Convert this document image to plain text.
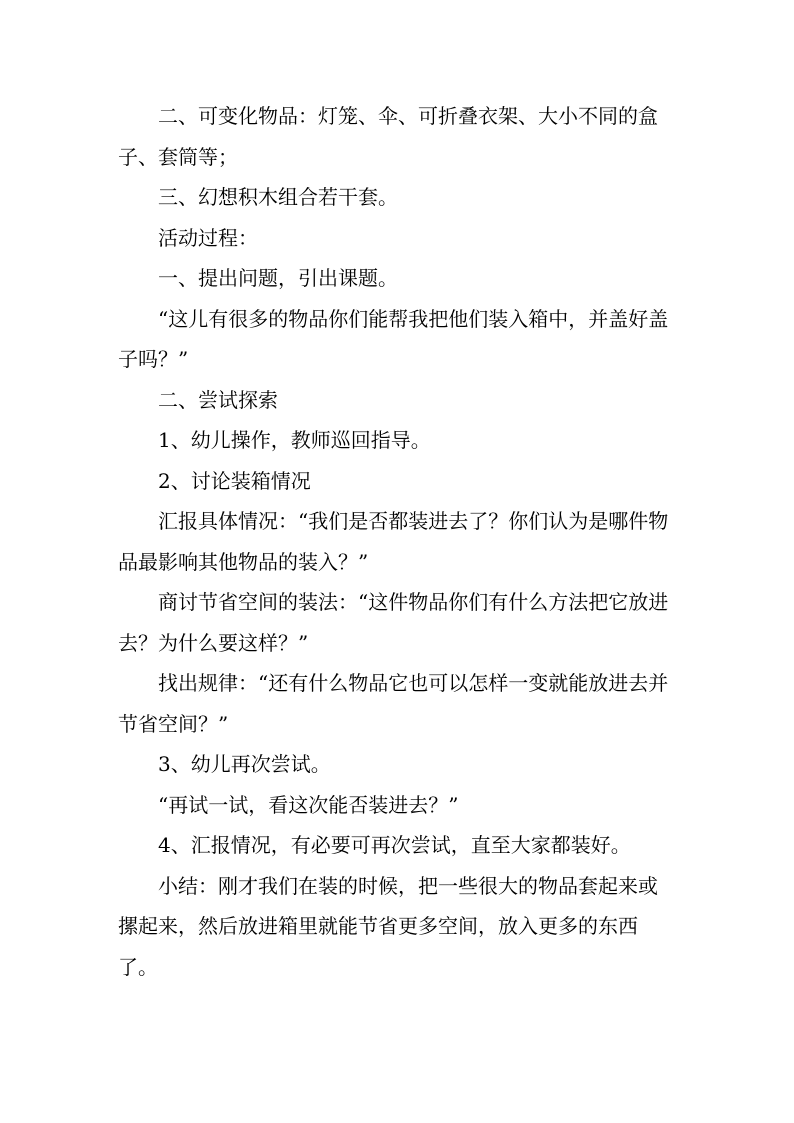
二、可变化物品：灯笼、伞、可折叠衣架、大小不同的盒子、套筒等；

三、幻想积木组合若干套。

活动过程：

一、提出问题，引出课题。

“这儿有很多的物品你们能帮我把他们装入箱中，并盖好盖子吗？”

二、尝试探索

1、幼儿操作，教师巡回指导。

2、讨论装箱情况

汇报具体情况：“我们是否都装进去了？你们认为是哪件物品最影响其他物品的装入？”

商讨节省空间的装法：“这件物品你们有什么方法把它放进去？为什么要这样？”

找出规律：“还有什么物品它也可以怎样一变就能放进去并节省空间？”

3、幼儿再次尝试。

“再试一试，看这次能否装进去？”

4、汇报情况，有必要可再次尝试，直至大家都装好。

小结：刚才我们在装的时候，把一些很大的物品套起来或摞起来，然后放进箱里就能节省更多空间，放入更多的东西了。
